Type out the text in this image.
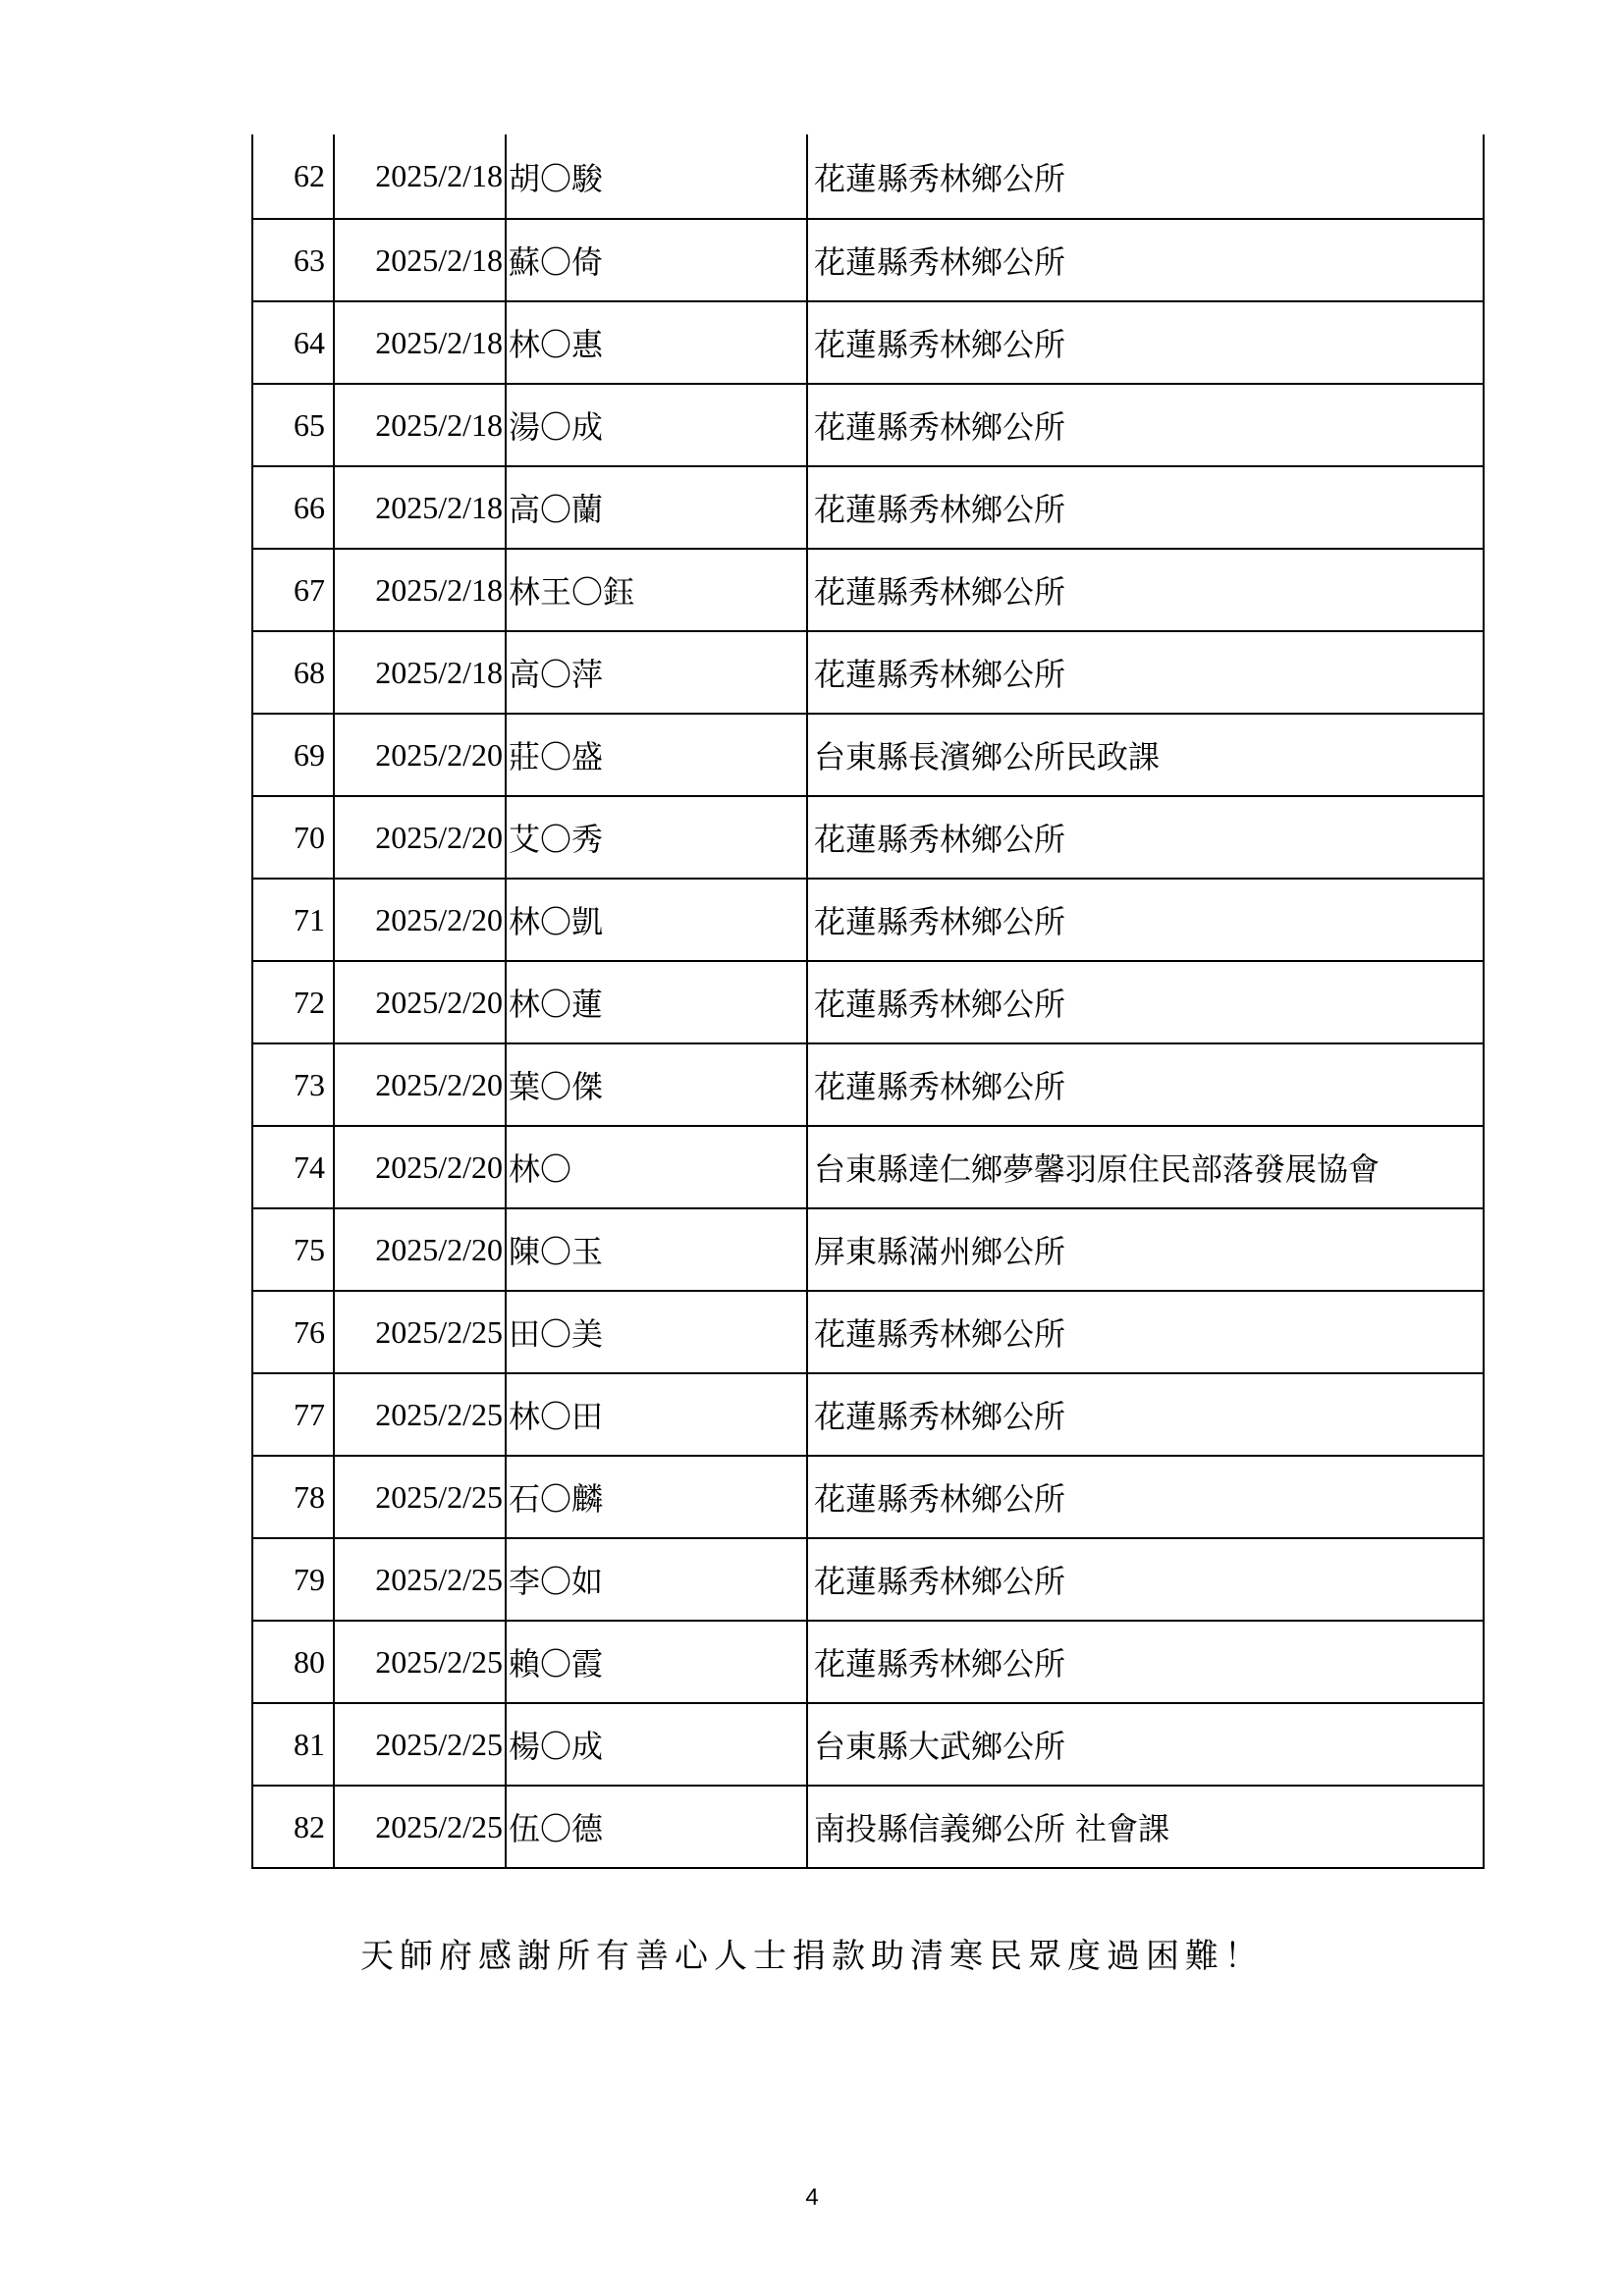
62	2025/2/18	胡〇駿	花蓮縣秀林鄉公所
63	2025/2/18	蘇〇倚	花蓮縣秀林鄉公所
64	2025/2/18	林〇惠	花蓮縣秀林鄉公所
65	2025/2/18	湯〇成	花蓮縣秀林鄉公所
66	2025/2/18	高〇蘭	花蓮縣秀林鄉公所
67	2025/2/18	林王〇鈺	花蓮縣秀林鄉公所
68	2025/2/18	高〇萍	花蓮縣秀林鄉公所
69	2025/2/20	莊〇盛	台東縣長濱鄉公所民政課
70	2025/2/20	艾〇秀	花蓮縣秀林鄉公所
71	2025/2/20	林〇凱	花蓮縣秀林鄉公所
72	2025/2/20	林〇蓮	花蓮縣秀林鄉公所
73	2025/2/20	葉〇傑	花蓮縣秀林鄉公所
74	2025/2/20	林〇	台東縣達仁鄉夢馨羽原住民部落發展協會
75	2025/2/20	陳〇玉	屏東縣滿州鄉公所
76	2025/2/25	田〇美	花蓮縣秀林鄉公所
77	2025/2/25	林〇田	花蓮縣秀林鄉公所
78	2025/2/25	石〇麟	花蓮縣秀林鄉公所
79	2025/2/25	李〇如	花蓮縣秀林鄉公所
80	2025/2/25	賴〇霞	花蓮縣秀林鄉公所
81	2025/2/25	楊〇成	台東縣大武鄉公所
82	2025/2/25	伍〇德	南投縣信義鄉公所 社會課
天師府感謝所有善心人士捐款助清寒民眾度過困難！
4
